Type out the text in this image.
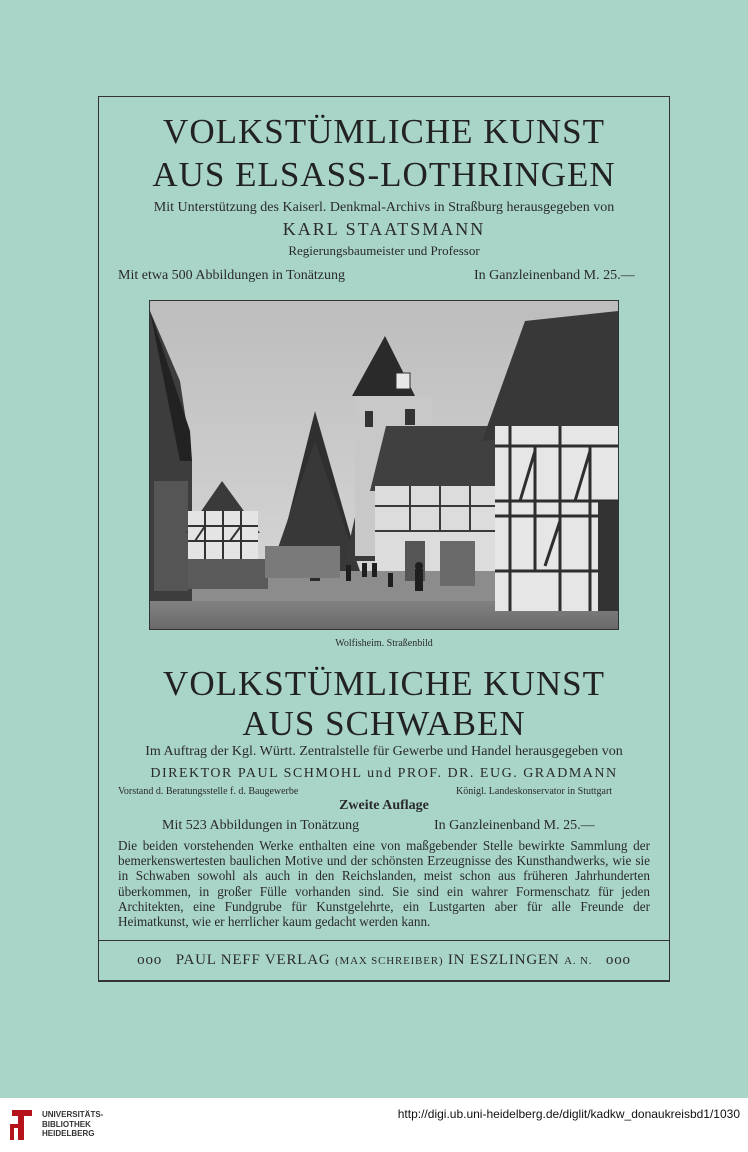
VOLKSTÜMLICHE KUNST
AUS ELSASS-LOTHRINGEN
Mit Unterstützung des Kaiserl. Denkmal-Archivs in Straßburg herausgegeben von
KARL STAATSMANN
Regierungsbaumeister und Professor
Mit etwa 500 Abbildungen in Tonätzung	In Ganzleinenband M. 25.—
Wolfisheim. Straßenbild
VOLKSTÜMLICHE KUNST
AUS SCHWABEN
Im Auftrag der Kgl. Württ. Zentralstelle für Gewerbe und Handel herausgegeben von
DIREKTOR PAUL SCHMOHL und PROF. DR. EUG. GRADMANN
Vorstand d. Beratungsstelle f. d. Baugewerbe	Königl. Landeskonservator in Stuttgart
Zweite Auflage
Mit 523 Abbildungen in Tonätzung	In Ganzleinenband M. 25.—
Die beiden vorstehenden Werke enthalten eine von maßgebender Stelle bewirkte Sammlung der bemerkenswertesten baulichen Motive und der schönsten Erzeugnisse des Kunsthandwerks, wie sie in Schwaben sowohl als auch in den Reichslanden, meist schon aus früheren Jahrhunderten überkommen, in großer Fülle vorhanden sind. Sie sind ein wahrer Formenschatz für jeden Architekten, eine Fundgrube für Kunstgelehrte, ein Lustgarten aber für alle Freunde der Heimatkunst, wie er herrlicher kaum gedacht werden kann.
ooo PAUL NEFF VERLAG (MAX SCHREIBER) IN ESZLINGEN A. N. ooo
UNIVERSITÄTS-
BIBLIOTHEK
HEIDELBERG
http://digi.ub.uni-heidelberg.de/diglit/kadkw_donaukreisbd1/1030
